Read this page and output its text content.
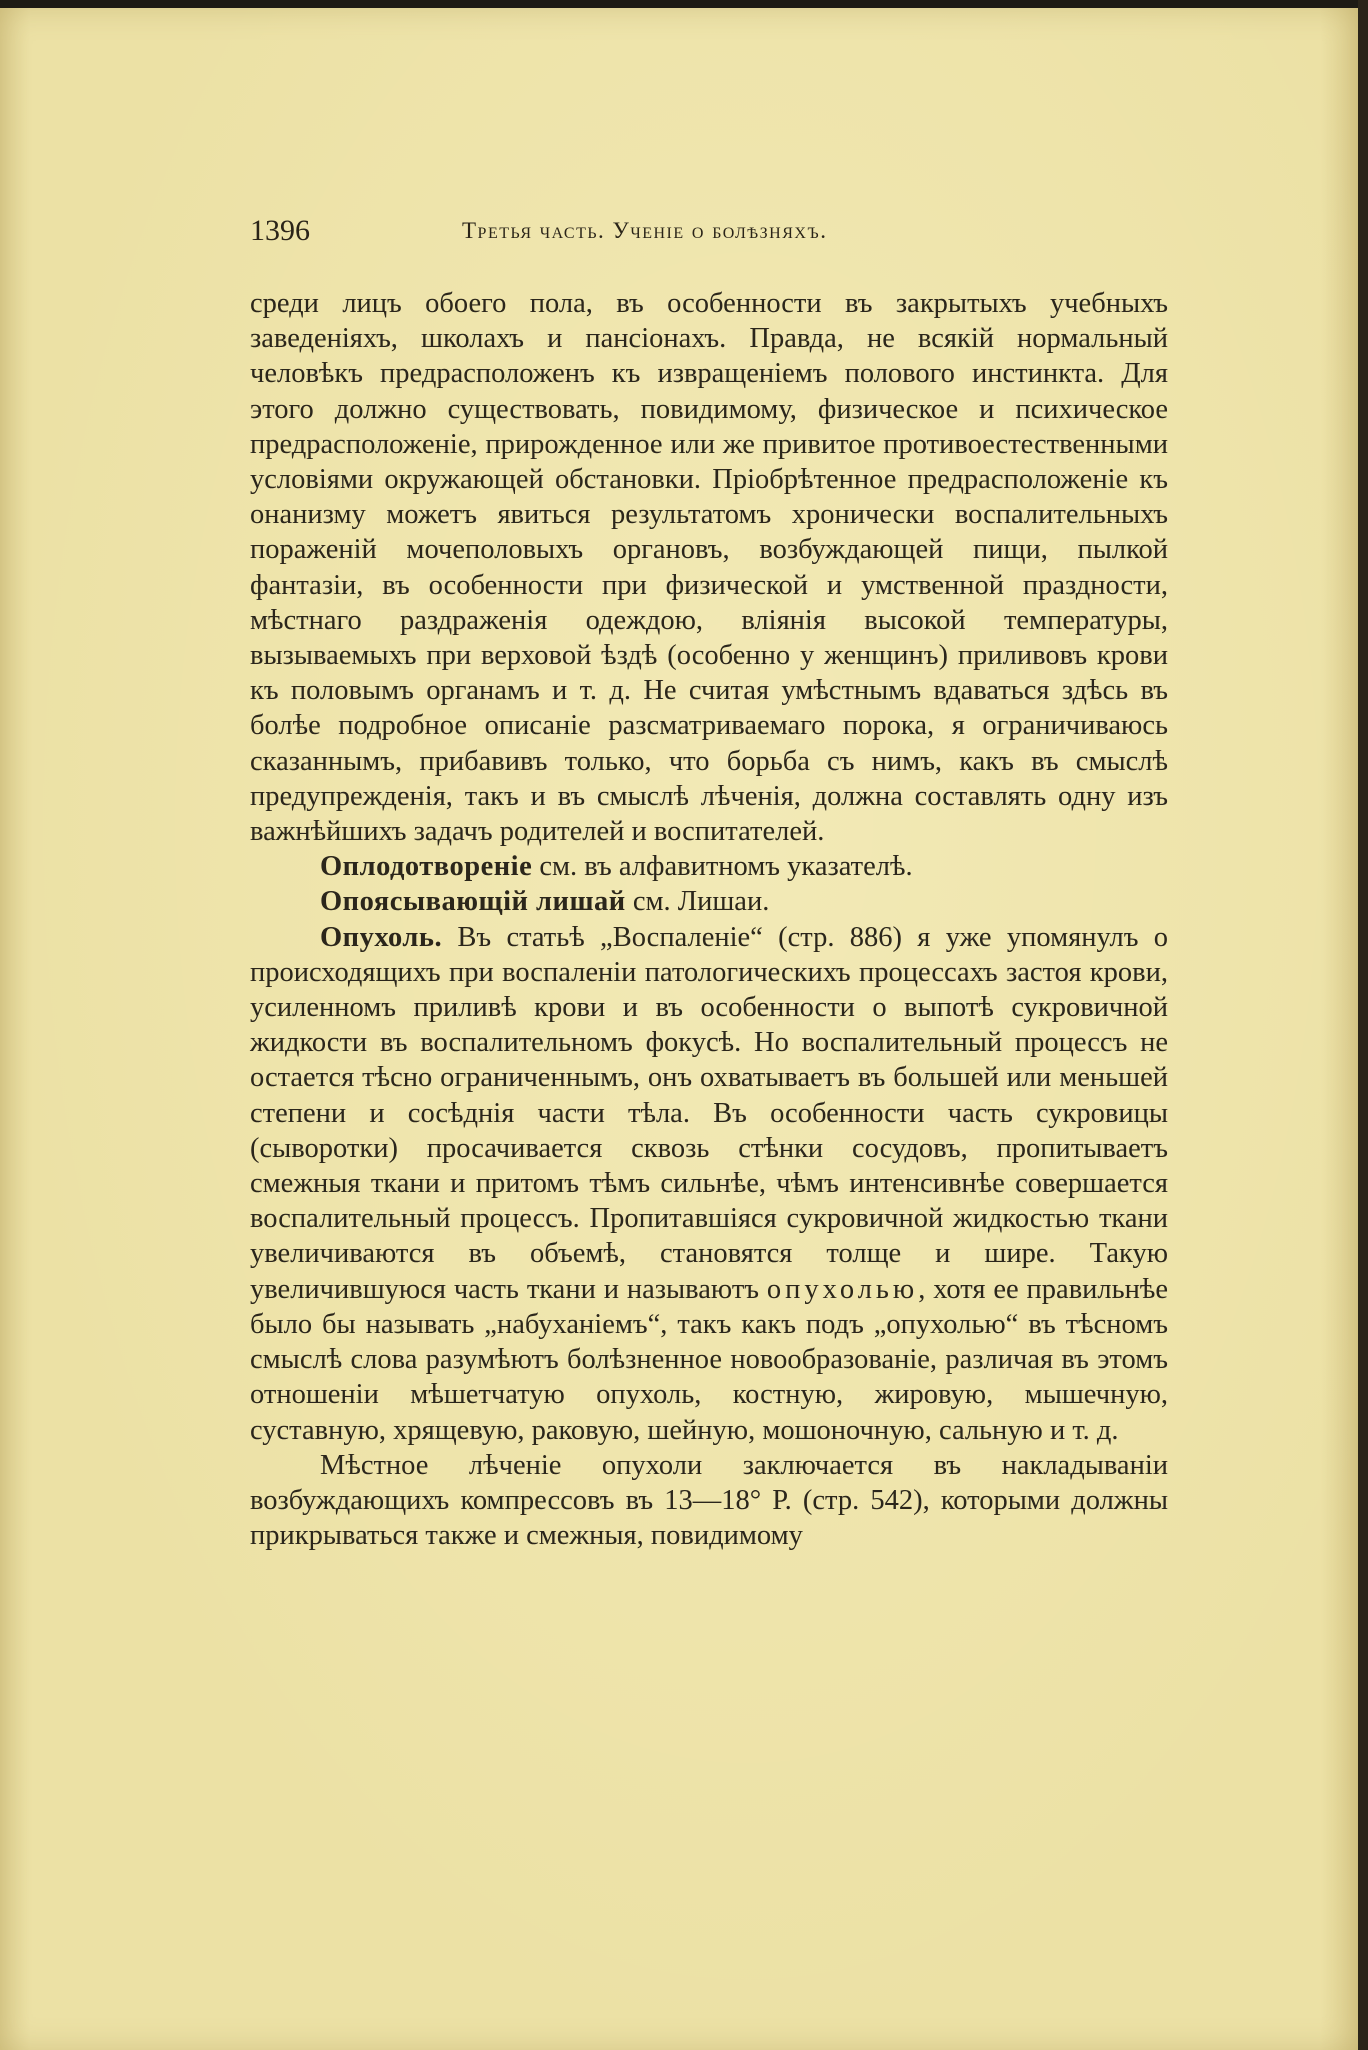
1396	Третья часть. Ученіе о болѣзняхъ.

среди лицъ обоего пола, въ особенности въ закрытыхъ учебныхъ заведеніяхъ, школахъ и пансіонахъ. Правда, не всякій нормальный человѣкъ предрасположенъ къ извращеніемъ полового инстинкта. Для этого должно существовать, повидимому, физическое и психическое предрасположеніе, прирожденное или же привитое противоестественными условіями окружающей обстановки. Пріобрѣтенное предрасположеніе къ онанизму можетъ явиться результатомъ хронически воспалительныхъ пораженій мочеполовыхъ органовъ, возбуждающей пищи, пылкой фантазіи, въ особенности при физической и умственной праздности, мѣстнаго раздраженія одеждою, вліянія высокой температуры, вызываемыхъ при верховой ѣздѣ (особенно у женщинъ) приливовъ крови къ половымъ органамъ и т. д. Не считая умѣстнымъ вдаваться здѣсь въ болѣе подробное описаніе разсматриваемаго порока, я ограничиваюсь сказаннымъ, прибавивъ только, что борьба съ нимъ, какъ въ смыслѣ предупрежденія, такъ и въ смыслѣ лѣченія, должна составлять одну изъ важнѣйшихъ задачъ родителей и воспитателей.

Оплодотвореніе см. въ алфавитномъ указателѣ.

Опоясывающій лишай см. Лишаи.

Опухоль. Въ статьѣ „Воспаленіе“ (стр. 886) я уже упомянулъ о происходящихъ при воспаленіи патологическихъ процессахъ застоя крови, усиленномъ приливѣ крови и въ особенности о выпотѣ сукровичной жидкости въ воспалительномъ фокусѣ. Но воспалительный процессъ не остается тѣсно ограниченнымъ, онъ охватываетъ въ большей или меньшей степени и сосѣднія части тѣла. Въ особенности часть сукровицы (сыворотки) просачивается сквозь стѣнки сосудовъ, пропитываетъ смежныя ткани и притомъ тѣмъ сильнѣе, чѣмъ интенсивнѣе совершается воспалительный процессъ. Пропитавшіяся сукровичной жидкостью ткани увеличиваются въ объемѣ, становятся толще и шире. Такую увеличившуюся часть ткани и называютъ опухолью, хотя ее правильнѣе было бы называть „набуханіемъ“, такъ какъ подъ „опухолью“ въ тѣсномъ смыслѣ слова разумѣютъ болѣзненное новообразованіе, различая въ этомъ отношеніи мѣшетчатую опухоль, костную, жировую, мышечную, суставную, хрящевую, раковую, шейную, мошоночную, сальную и т. д.

Мѣстное лѣченіе опухоли заключается въ накладываніи возбуждающихъ компрессовъ въ 13—18° Р. (стр. 542), которыми должны прикрываться также и смежныя, повидимому
